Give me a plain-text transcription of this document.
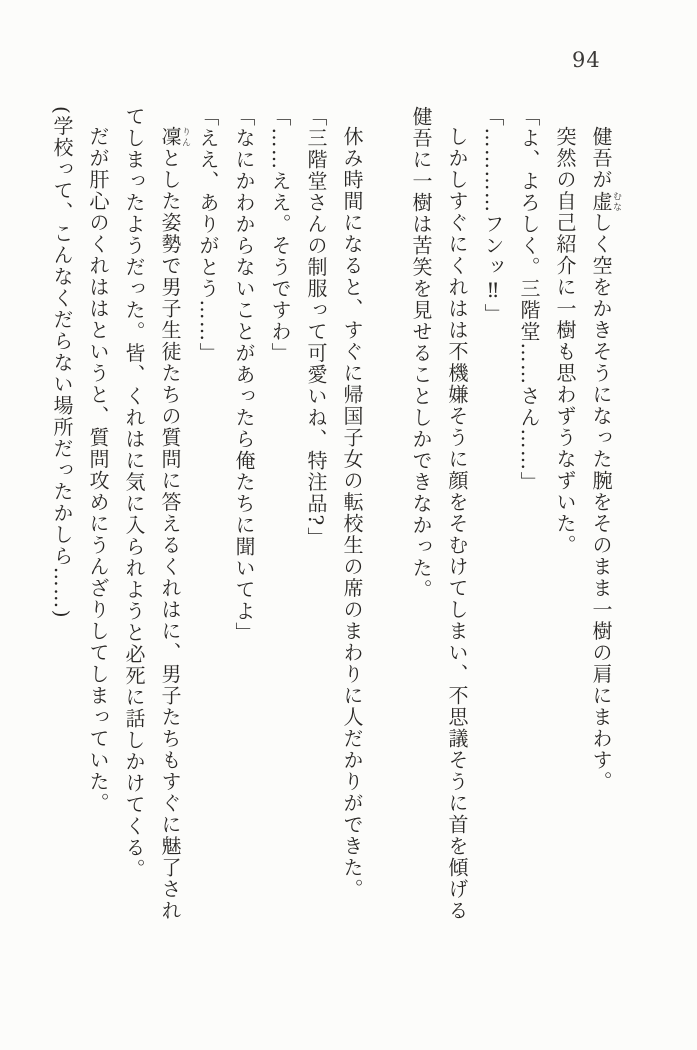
94

健吾が虚むなしく空をかきそうになった腕をそのまま一樹の肩にまわす。

突然の自己紹介に一樹も思わずうなずいた。

「よ、よろしく。三階堂……さん……」

「…………フンッ‼」

しかしすぐにくれはは不機嫌そうに顔をそむけてしまい、不思議そうに首を傾げる健吾に一樹は苦笑を見せることしかできなかった。

休み時間になると、すぐに帰国子女の転校生の席のまわりに人だかりができた。

「三階堂さんの制服って可愛いね、特注品?」

「……ええ。そうですわ」

「なにかわからないことがあったら俺たちに聞いてよ」

「ええ、ありがとう……」

凜りんとした姿勢で男子生徒たちの質問に答えるくれはに、男子たちもすぐに魅了されてしまったようだった。皆、くれはに気に入られようと必死に話しかけてくる。

だが肝心のくれははというと、質問攻めにうんざりしてしまっていた。

(学校って、こんなくだらない場所だったかしら……)
